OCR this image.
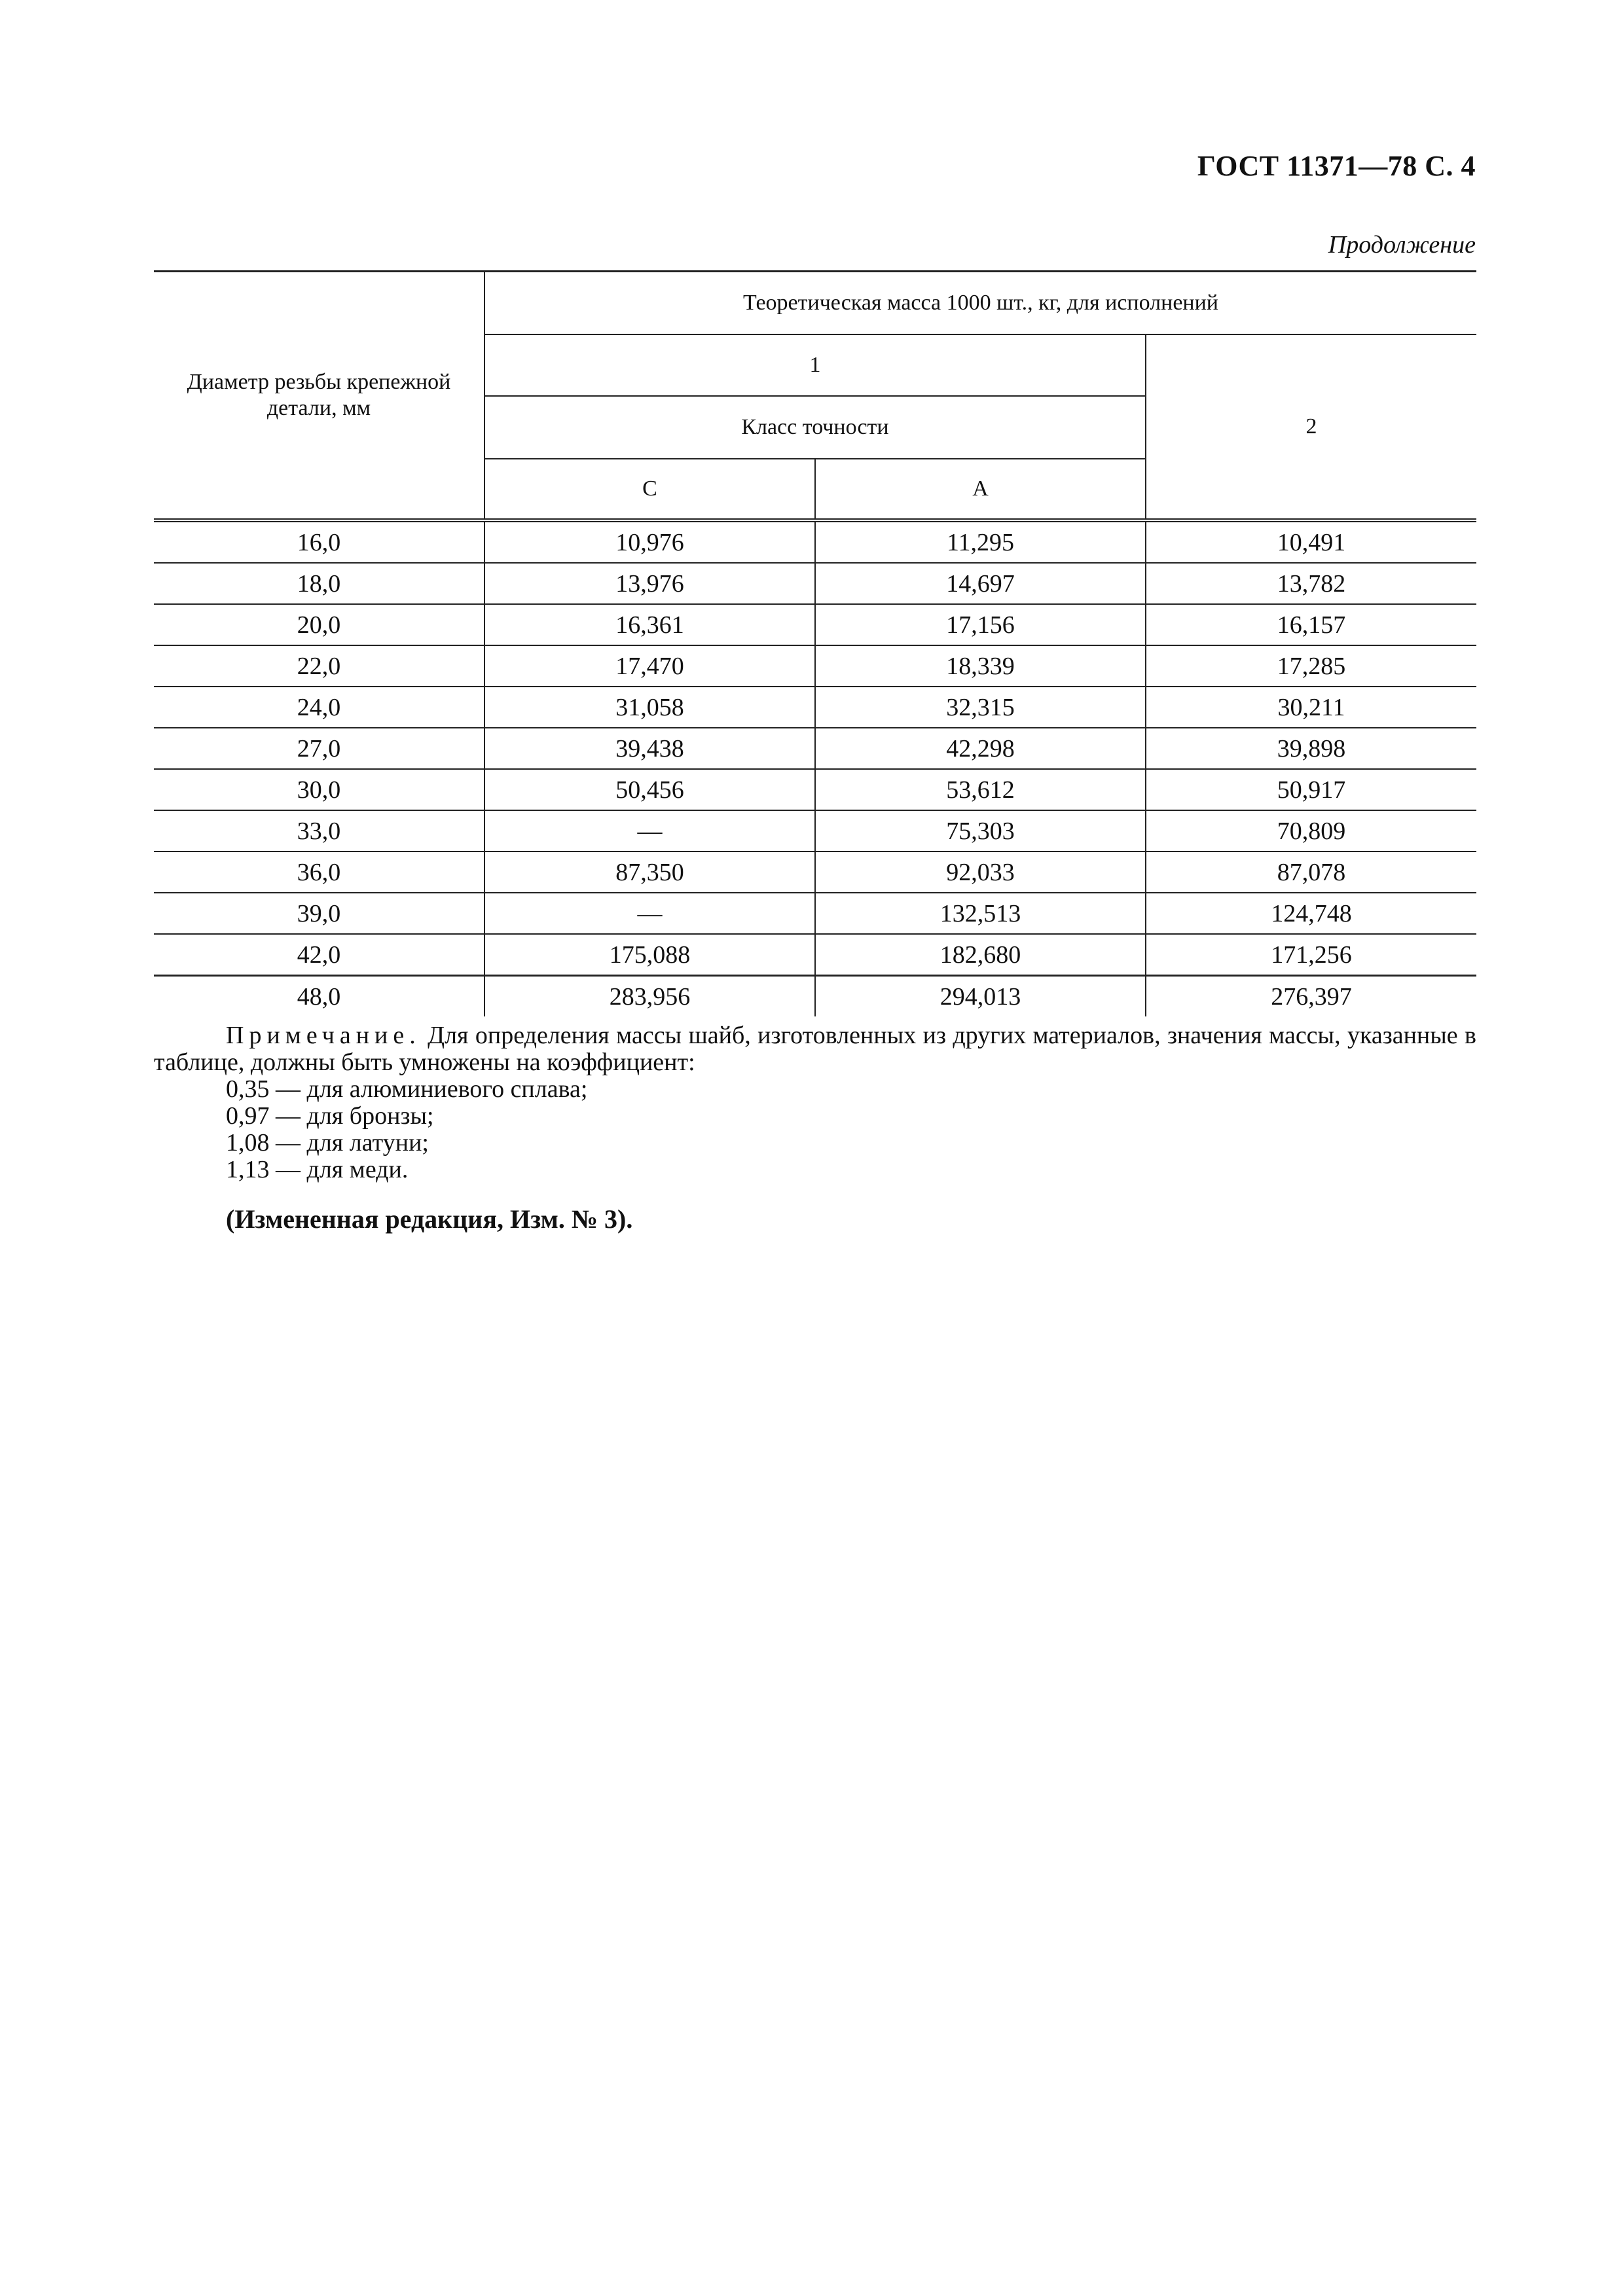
ГОСТ 11371—78 С. 4
Продолжение
Диаметр резьбы крепежной детали, мм	Теоретическая масса 1000 шт., кг, для исполнений		
	1		2
	Класс точности		
	С	А	
16,0	10,976	11,295	10,491
18,0	13,976	14,697	13,782
20,0	16,361	17,156	16,157
22,0	17,470	18,339	17,285
24,0	31,058	32,315	30,211
27,0	39,438	42,298	39,898
30,0	50,456	53,612	50,917
33,0	—	75,303	70,809
36,0	87,350	92,033	87,078
39,0	—	132,513	124,748
42,0	175,088	182,680	171,256
48,0	283,956	294,013	276,397
Примечание. Для определения массы шайб, изготовленных из других материалов, значения массы, указанные в таблице, должны быть умножены на коэффициент:
0,35 — для алюминиевого сплава;
0,97 — для бронзы;
1,08 — для латуни;
1,13 — для меди.
(Измененная редакция, Изм. № 3).
